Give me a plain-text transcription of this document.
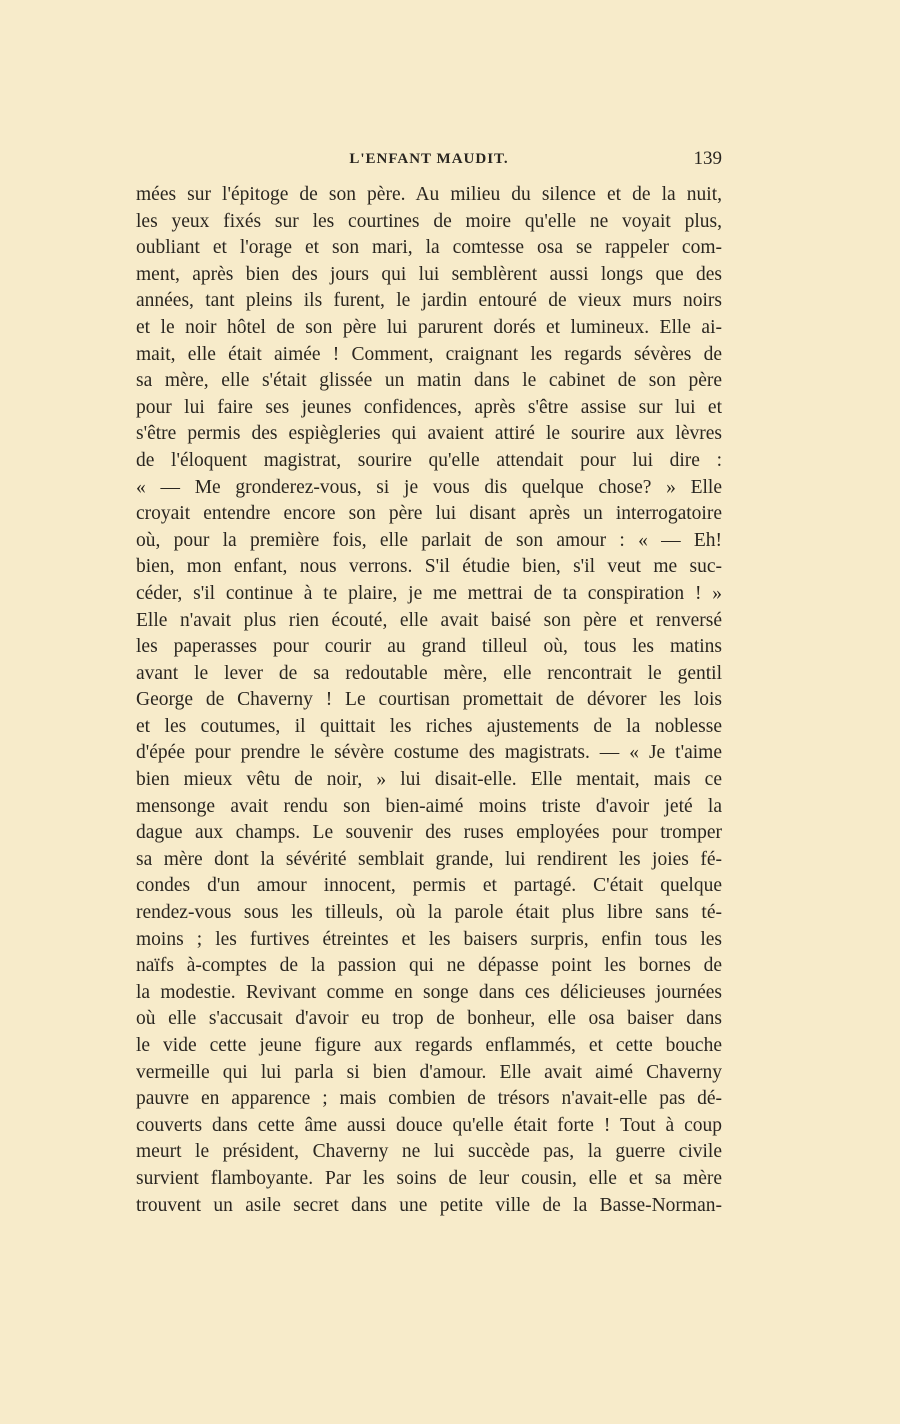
L'ENFANT MAUDIT.	139
mées sur l'épitoge de son père. Au milieu du silence et de la nuit,
les yeux fixés sur les courtines de moire qu'elle ne voyait plus,
oubliant et l'orage et son mari, la comtesse osa se rappeler com-
ment, après bien des jours qui lui semblèrent aussi longs que des
années, tant pleins ils furent, le jardin entouré de vieux murs noirs
et le noir hôtel de son père lui parurent dorés et lumineux. Elle ai-
mait, elle était aimée ! Comment, craignant les regards sévères de
sa mère, elle s'était glissée un matin dans le cabinet de son père
pour lui faire ses jeunes confidences, après s'être assise sur lui et
s'être permis des espiègleries qui avaient attiré le sourire aux lèvres
de l'éloquent magistrat, sourire qu'elle attendait pour lui dire :
« — Me gronderez-vous, si je vous dis quelque chose? » Elle
croyait entendre encore son père lui disant après un interrogatoire
où, pour la première fois, elle parlait de son amour : « — Eh!
bien, mon enfant, nous verrons. S'il étudie bien, s'il veut me suc-
céder, s'il continue à te plaire, je me mettrai de ta conspiration ! »
Elle n'avait plus rien écouté, elle avait baisé son père et renversé
les paperasses pour courir au grand tilleul où, tous les matins
avant le lever de sa redoutable mère, elle rencontrait le gentil
George de Chaverny ! Le courtisan promettait de dévorer les lois
et les coutumes, il quittait les riches ajustements de la noblesse
d'épée pour prendre le sévère costume des magistrats. — « Je t'aime
bien mieux vêtu de noir, » lui disait-elle. Elle mentait, mais ce
mensonge avait rendu son bien-aimé moins triste d'avoir jeté la
dague aux champs. Le souvenir des ruses employées pour tromper
sa mère dont la sévérité semblait grande, lui rendirent les joies fé-
condes d'un amour innocent, permis et partagé. C'était quelque
rendez-vous sous les tilleuls, où la parole était plus libre sans té-
moins ; les furtives étreintes et les baisers surpris, enfin tous les
naïfs à-comptes de la passion qui ne dépasse point les bornes de
la modestie. Revivant comme en songe dans ces délicieuses journées
où elle s'accusait d'avoir eu trop de bonheur, elle osa baiser dans
le vide cette jeune figure aux regards enflammés, et cette bouche
vermeille qui lui parla si bien d'amour. Elle avait aimé Chaverny
pauvre en apparence ; mais combien de trésors n'avait-elle pas dé-
couverts dans cette âme aussi douce qu'elle était forte ! Tout à coup
meurt le président, Chaverny ne lui succède pas, la guerre civile
survient flamboyante. Par les soins de leur cousin, elle et sa mère
trouvent un asile secret dans une petite ville de la Basse-Norman-
